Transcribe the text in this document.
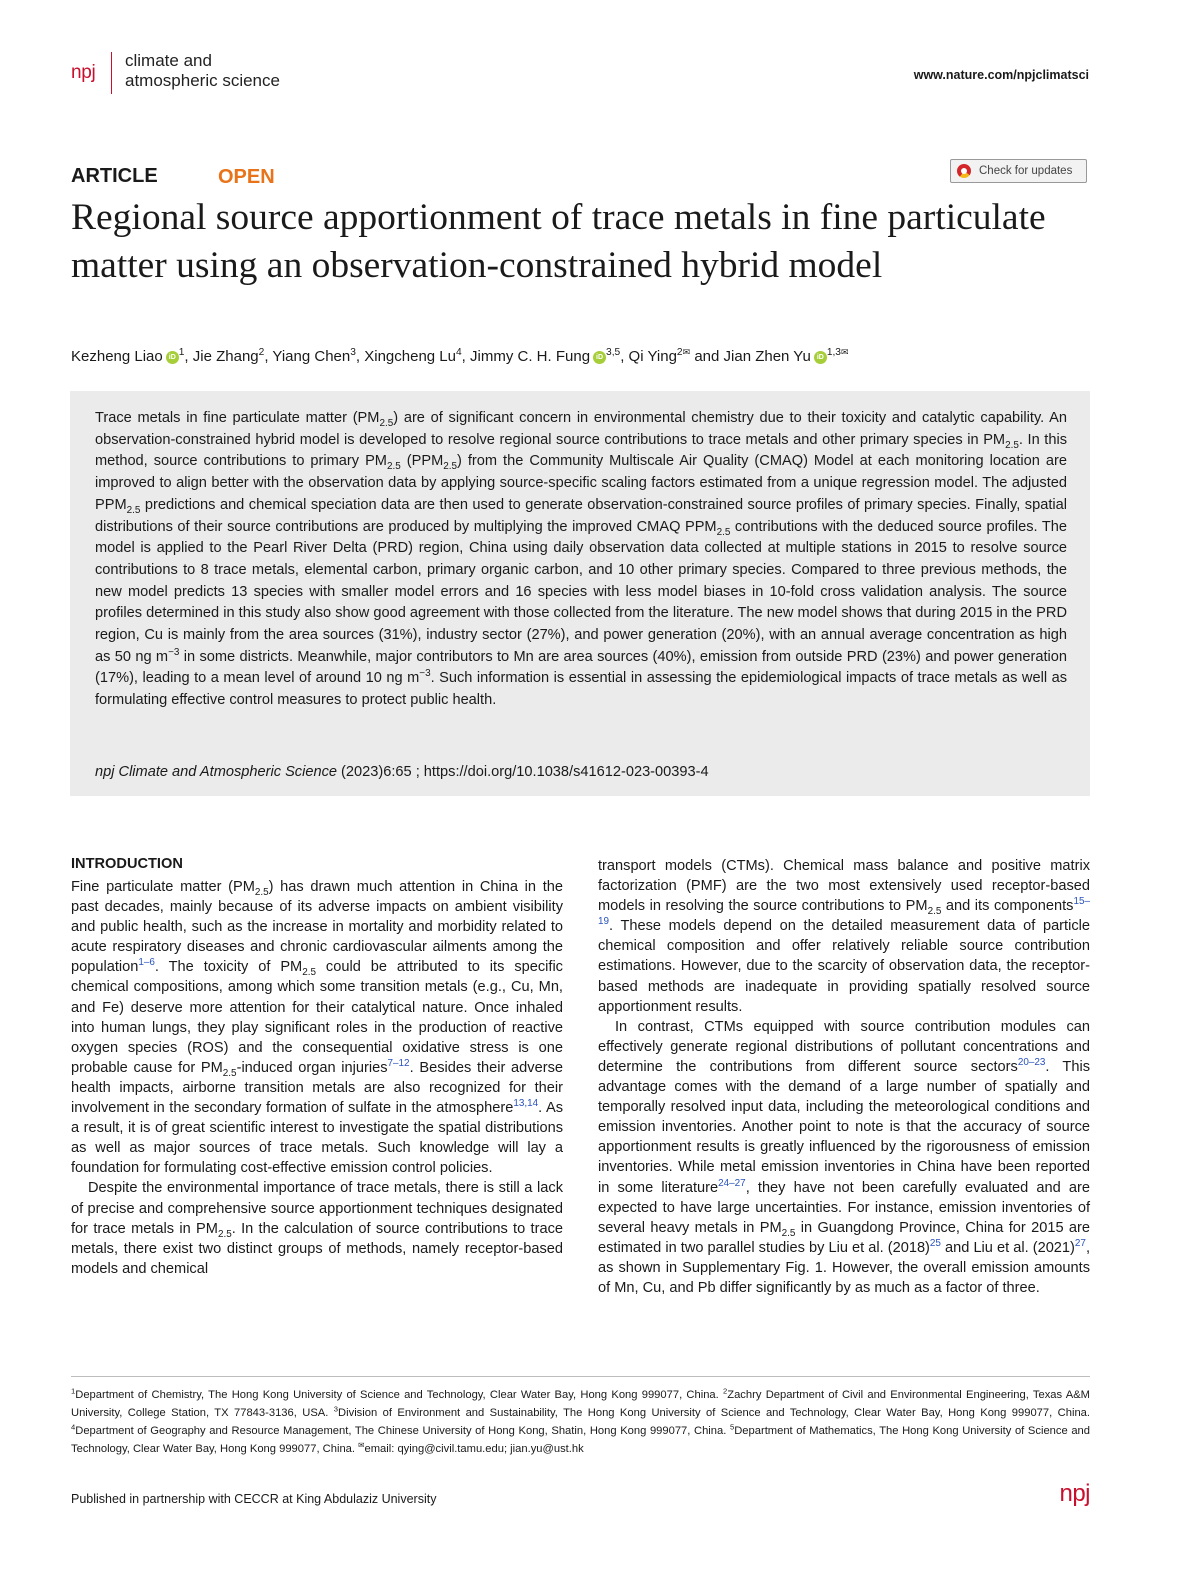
npj
climate and
atmospheric science	www.nature.com/npjclimatsci
ARTICLE	OPEN	Check for updates
Regional source apportionment of trace metals in fine particulate matter using an observation-constrained hybrid model
Kezheng Liao iD $^1$, Jie Zhang$^2$, Yiang Chen$^3$, Xingcheng Lu$^4$, Jimmy C. H. Fung iD $^{3,5}$, Qi Ying$^{2✉}$ and Jian Zhen Yu iD $^{1,3✉}$

Trace metals in fine particulate matter $(PM_{2.5})$ are of significant concern in environmental chemistry due to their toxicity and catalytic capability. An observation-constrained hybrid model is developed to resolve regional source contributions to trace metals and other primary species in $PM_{2.5}$. In this method, source contributions to primary $PM_{2.5}$ $(PPM_{2.5})$ from the Community Multiscale Air Quality (CMAQ) Model at each monitoring location are improved to align better with the observation data by applying source-specific scaling factors estimated from a unique regression model. The adjusted $PPM_{2.5}$ predictions and chemical speciation data are then used to generate observation-constrained source profiles of primary species. Finally, spatial distributions of their source contributions are produced by multiplying the improved CMAQ $PPM_{2.5}$ contributions with the deduced source profiles. The model is applied to the Pearl River Delta (PRD) region, China using daily observation data collected at multiple stations in 2015 to resolve source contributions to 8 trace metals, elemental carbon, primary organic carbon, and 10 other primary species. Compared to three previous methods, the new model predicts 13 species with smaller model errors and 16 species with less model biases in 10-fold cross validation analysis. The source profiles determined in this study also show good agreement with those collected from the literature. The new model shows that during 2015 in the PRD region, Cu is mainly from the area sources (31%), industry sector (27%), and power generation (20%), with an annual average concentration as high as 50 ng $m^{-3}$ in some districts. Meanwhile, major contributors to Mn are area sources (40%), emission from outside PRD (23%) and power generation (17%), leading to a mean level of around 10 ng $m^{-3}$. Such information is essential in assessing the epidemiological impacts of trace metals as well as formulating effective control measures to protect public health.

npj Climate and Atmospheric Science (2023)6:65 ; https://doi.org/10.1038/s41612-023-00393-4
INTRODUCTION

Fine particulate matter $(PM_{2.5})$ has drawn much attention in China in the past decades, mainly because of its adverse impacts on ambient visibility and public health, such as the increase in mortality and morbidity related to acute respiratory diseases and chronic cardiovascular ailments among the population$^{1-6}$. The toxicity of $PM_{2.5}$ could be attributed to its specific chemical compositions, among which some transition metals (e.g., Cu, Mn, and Fe) deserve more attention for their catalytical nature. Once inhaled into human lungs, they play significant roles in the production of reactive oxygen species (ROS) and the consequential oxidative stress is one probable cause for $PM_{2.5}$-induced organ injuries$^{7-12}$. Besides their adverse health impacts, airborne transition metals are also recognized for their involvement in the secondary formation of sulfate in the atmosphere$^{13,14}$. As a result, it is of great scientific interest to investigate the spatial distributions as well as major sources of trace metals. Such knowledge will lay a foundation for formulating cost-effective emission control policies.

Despite the environmental importance of trace metals, there is still a lack of precise and comprehensive source apportionment techniques designated for trace metals in $PM_{2.5}$. In the calculation of source contributions to trace metals, there exist two distinct groups of methods, namely receptor-based models and chemical

transport models (CTMs). Chemical mass balance and positive matrix factorization (PMF) are the two most extensively used receptor-based models in resolving the source contributions to $PM_{2.5}$ and its components$^{15-19}$. These models depend on the detailed measurement data of particle chemical composition and offer relatively reliable source contribution estimations. However, due to the scarcity of observation data, the receptor-based methods are inadequate in providing spatially resolved source apportionment results.

In contrast, CTMs equipped with source contribution modules can effectively generate regional distributions of pollutant concentrations and determine the contributions from different source sectors$^{20-23}$. This advantage comes with the demand of a large number of spatially and temporally resolved input data, including the meteorological conditions and emission inventories. Another point to note is that the accuracy of source apportionment results is greatly influenced by the rigorousness of emission inventories. While metal emission inventories in China have been reported in some literature$^{24-27}$, they have not been carefully evaluated and are expected to have large uncertainties. For instance, emission inventories of several heavy metals in $PM_{2.5}$ in Guangdong Province, China for 2015 are estimated in two parallel studies by Liu et al. $(2018)^{25}$ and Liu et al. $(2021)^{27}$, as shown in Supplementary Fig. 1. However, the overall emission amounts of Mn, Cu, and Pb differ significantly by as much as a factor of three.

$^1$Department of Chemistry, The Hong Kong University of Science and Technology, Clear Water Bay, Hong Kong 999077, China. $^2$Zachry Department of Civil and Environmental Engineering, Texas A&M University, College Station, TX 77843-3136, USA. $^3$Division of Environment and Sustainability, The Hong Kong University of Science and Technology, Clear Water Bay, Hong Kong 999077, China. $^4$Department of Geography and Resource Management, The Chinese University of Hong Kong, Shatin, Hong Kong 999077, China. $^5$Department of Mathematics, The Hong Kong University of Science and Technology, Clear Water Bay, Hong Kong 999077, China. ✉email: qying@civil.tamu.edu; jian.yu@ust.hk

Published in partnership with CECCR at King Abdulaziz University	npj
